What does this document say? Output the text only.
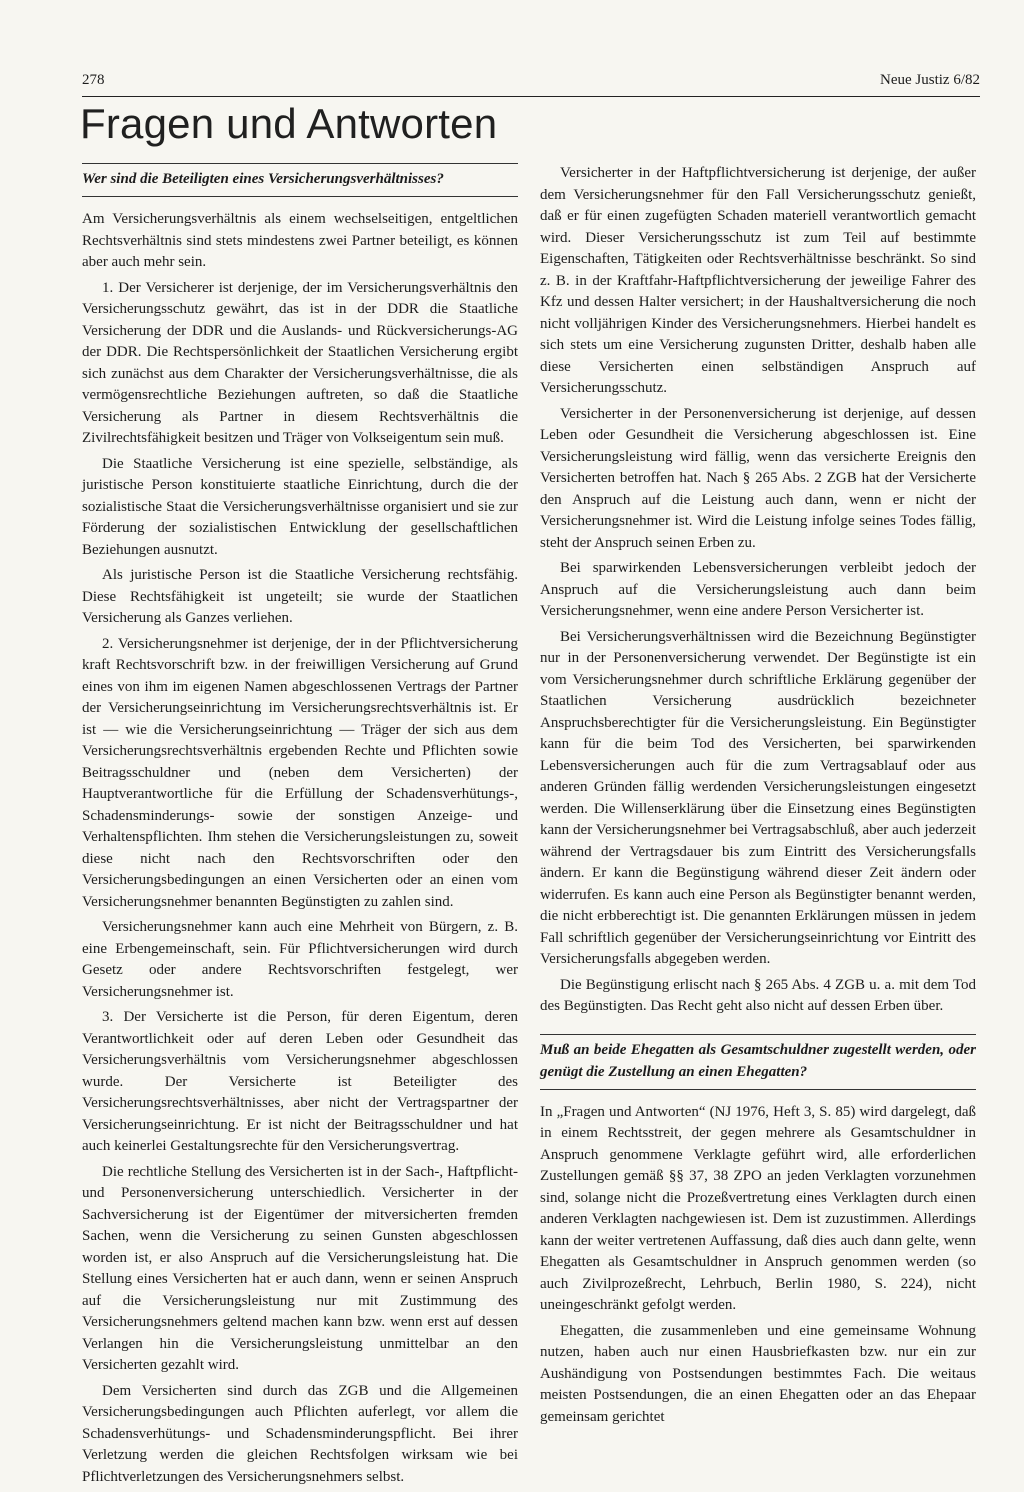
278	Neue Justiz 6/82
Fragen und Antworten
Wer sind die Beteiligten eines Versicherungsverhältnisses?

Am Versicherungsverhältnis als einem wechselseitigen, entgeltlichen Rechtsverhältnis sind stets mindestens zwei Partner beteiligt, es können aber auch mehr sein.

1. Der Versicherer ist derjenige, der im Versicherungsverhältnis den Versicherungsschutz gewährt, das ist in der DDR die Staatliche Versicherung der DDR und die Auslands- und Rückversicherungs-AG der DDR. Die Rechtspersönlichkeit der Staatlichen Versicherung ergibt sich zunächst aus dem Charakter der Versicherungsverhältnisse, die als vermögensrechtliche Beziehungen auftreten, so daß die Staatliche Versicherung als Partner in diesem Rechtsverhältnis die Zivilrechtsfähigkeit besitzen und Träger von Volkseigentum sein muß.

Die Staatliche Versicherung ist eine spezielle, selbständige, als juristische Person konstituierte staatliche Einrichtung, durch die der sozialistische Staat die Versicherungsverhältnisse organisiert und sie zur Förderung der sozialistischen Entwicklung der gesellschaftlichen Beziehungen ausnutzt.

Als juristische Person ist die Staatliche Versicherung rechtsfähig. Diese Rechtsfähigkeit ist ungeteilt; sie wurde der Staatlichen Versicherung als Ganzes verliehen.

2. Versicherungsnehmer ist derjenige, der in der Pflichtversicherung kraft Rechtsvorschrift bzw. in der freiwilligen Versicherung auf Grund eines von ihm im eigenen Namen abgeschlossenen Vertrags der Partner der Versicherungseinrichtung im Versicherungsrechtsverhältnis ist. Er ist — wie die Versicherungseinrichtung — Träger der sich aus dem Versicherungsrechtsverhältnis ergebenden Rechte und Pflichten sowie Beitragsschuldner und (neben dem Versicherten) der Hauptverantwortliche für die Erfüllung der Schadensverhütungs-, Schadensminderungs- sowie der sonstigen Anzeige- und Verhaltenspflichten. Ihm stehen die Versicherungsleistungen zu, soweit diese nicht nach den Rechtsvorschriften oder den Versicherungsbedingungen an einen Versicherten oder an einen vom Versicherungsnehmer benannten Begünstigten zu zahlen sind.

Versicherungsnehmer kann auch eine Mehrheit von Bürgern, z. B. eine Erbengemeinschaft, sein. Für Pflichtversicherungen wird durch Gesetz oder andere Rechtsvorschriften festgelegt, wer Versicherungsnehmer ist.

3. Der Versicherte ist die Person, für deren Eigentum, deren Verantwortlichkeit oder auf deren Leben oder Gesundheit das Versicherungsverhältnis vom Versicherungsnehmer abgeschlossen wurde. Der Versicherte ist Beteiligter des Versicherungsrechtsverhältnisses, aber nicht der Vertragspartner der Versicherungseinrichtung. Er ist nicht der Beitragsschuldner und hat auch keinerlei Gestaltungsrechte für den Versicherungsvertrag.

Die rechtliche Stellung des Versicherten ist in der Sach-, Haftpflicht- und Personenversicherung unterschiedlich. Versicherter in der Sachversicherung ist der Eigentümer der mitversicherten fremden Sachen, wenn die Versicherung zu seinen Gunsten abgeschlossen worden ist, er also Anspruch auf die Versicherungsleistung hat. Die Stellung eines Versicherten hat er auch dann, wenn er seinen Anspruch auf die Versicherungsleistung nur mit Zustimmung des Versicherungsnehmers geltend machen kann bzw. wenn erst auf dessen Verlangen hin die Versicherungsleistung unmittelbar an den Versicherten gezahlt wird.

Dem Versicherten sind durch das ZGB und die Allgemeinen Versicherungsbedingungen auch Pflichten auferlegt, vor allem die Schadensverhütungs- und Schadensminderungspflicht. Bei ihrer Verletzung werden die gleichen Rechtsfolgen wirksam wie bei Pflichtverletzungen des Versicherungsnehmers selbst.

Versicherter in der Haftpflichtversicherung ist derjenige, der außer dem Versicherungsnehmer für den Fall Versicherungsschutz genießt, daß er für einen zugefügten Schaden materiell verantwortlich gemacht wird. Dieser Versicherungsschutz ist zum Teil auf bestimmte Eigenschaften, Tätigkeiten oder Rechtsverhältnisse beschränkt. So sind z. B. in der Kraftfahr-Haftpflichtversicherung der jeweilige Fahrer des Kfz und dessen Halter versichert; in der Haushaltversicherung die noch nicht volljährigen Kinder des Versicherungsnehmers. Hierbei handelt es sich stets um eine Versicherung zugunsten Dritter, deshalb haben alle diese Versicherten einen selbständigen Anspruch auf Versicherungsschutz.

Versicherter in der Personenversicherung ist derjenige, auf dessen Leben oder Gesundheit die Versicherung abgeschlossen ist. Eine Versicherungsleistung wird fällig, wenn das versicherte Ereignis den Versicherten betroffen hat. Nach § 265 Abs. 2 ZGB hat der Versicherte den Anspruch auf die Leistung auch dann, wenn er nicht der Versicherungsnehmer ist. Wird die Leistung infolge seines Todes fällig, steht der Anspruch seinen Erben zu.

Bei sparwirkenden Lebensversicherungen verbleibt jedoch der Anspruch auf die Versicherungsleistung auch dann beim Versicherungsnehmer, wenn eine andere Person Versicherter ist.

Bei Versicherungsverhältnissen wird die Bezeichnung Begünstigter nur in der Personenversicherung verwendet. Der Begünstigte ist ein vom Versicherungsnehmer durch schriftliche Erklärung gegenüber der Staatlichen Versicherung ausdrücklich bezeichneter Anspruchsberechtigter für die Versicherungsleistung. Ein Begünstigter kann für die beim Tod des Versicherten, bei sparwirkenden Lebensversicherungen auch für die zum Vertragsablauf oder aus anderen Gründen fällig werdenden Versicherungsleistungen eingesetzt werden. Die Willenserklärung über die Einsetzung eines Begünstigten kann der Versicherungsnehmer bei Vertragsabschluß, aber auch jederzeit während der Vertragsdauer bis zum Eintritt des Versicherungsfalls ändern. Er kann die Begünstigung während dieser Zeit ändern oder widerrufen. Es kann auch eine Person als Begünstigter benannt werden, die nicht erbberechtigt ist. Die genannten Erklärungen müssen in jedem Fall schriftlich gegenüber der Versicherungseinrichtung vor Eintritt des Versicherungsfalls abgegeben werden.

Die Begünstigung erlischt nach § 265 Abs. 4 ZGB u. a. mit dem Tod des Begünstigten. Das Recht geht also nicht auf dessen Erben über.

Muß an beide Ehegatten als Gesamtschuldner zugestellt werden, oder genügt die Zustellung an einen Ehegatten?

In „Fragen und Antworten“ (NJ 1976, Heft 3, S. 85) wird dargelegt, daß in einem Rechtsstreit, der gegen mehrere als Gesamtschuldner in Anspruch genommene Verklagte geführt wird, alle erforderlichen Zustellungen gemäß §§ 37, 38 ZPO an jeden Verklagten vorzunehmen sind, solange nicht die Prozeßvertretung eines Verklagten durch einen anderen Verklagten nachgewiesen ist. Dem ist zuzustimmen. Allerdings kann der weiter vertretenen Auffassung, daß dies auch dann gelte, wenn Ehegatten als Gesamtschuldner in Anspruch genommen werden (so auch Zivilprozeßrecht, Lehrbuch, Berlin 1980, S. 224), nicht uneingeschränkt gefolgt werden.

Ehegatten, die zusammenleben und eine gemeinsame Wohnung nutzen, haben auch nur einen Hausbriefkasten bzw. nur ein zur Aushändigung von Postsendungen bestimmtes Fach. Die weitaus meisten Postsendungen, die an einen Ehegatten oder an das Ehepaar gemeinsam gerichtet
